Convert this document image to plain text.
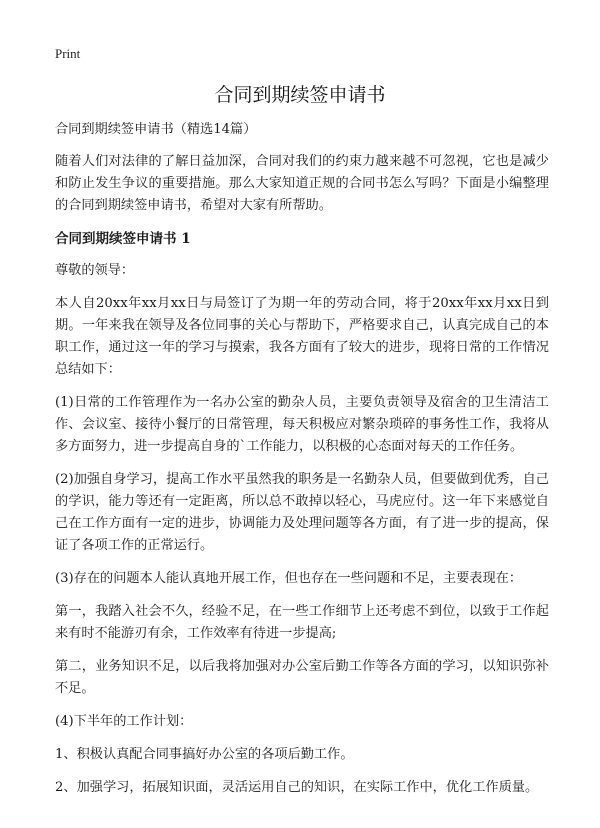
Print
合同到期续签申请书

合同到期续签申请书（精选14篇）

随着人们对法律的了解日益加深，合同对我们的约束力越来越不可忽视，它也是减少和防止发生争议的重要措施。那么大家知道正规的合同书怎么写吗？下面是小编整理的合同到期续签申请书，希望对大家有所帮助。

合同到期续签申请书 1

尊敬的领导：

本人自20xx年xx月xx日与局签订了为期一年的劳动合同，将于20xx年xx月xx日到期。一年来我在领导及各位同事的关心与帮助下，严格要求自己，认真完成自己的本职工作，通过这一年的学习与摸索，我各方面有了较大的进步，现将日常的工作情况总结如下：

(1)日常的工作管理作为一名办公室的勤杂人员，主要负责领导及宿舍的卫生清洁工作、会议室、接待小餐厅的日常管理，每天积极应对繁杂琐碎的事务性工作，我将从多方面努力，进一步提高自身的`工作能力，以积极的心态面对每天的工作任务。

(2)加强自身学习，提高工作水平虽然我的职务是一名勤杂人员，但要做到优秀，自己的学识，能力等还有一定距离，所以总不敢掉以轻心，马虎应付。这一年下来感觉自己在工作方面有一定的进步，协调能力及处理问题等各方面，有了进一步的提高，保证了各项工作的正常运行。

(3)存在的问题本人能认真地开展工作，但也存在一些问题和不足，主要表现在：

第一，我踏入社会不久，经验不足，在一些工作细节上还考虑不到位，以致于工作起来有时不能游刃有余，工作效率有待进一步提高;

第二，业务知识不足，以后我将加强对办公室后勤工作等各方面的学习，以知识弥补不足。

(4)下半年的工作计划：

1、积极认真配合同事搞好办公室的各项后勤工作。

2、加强学习，拓展知识面，灵活运用自己的知识，在实际工作中，优化工作质量。
